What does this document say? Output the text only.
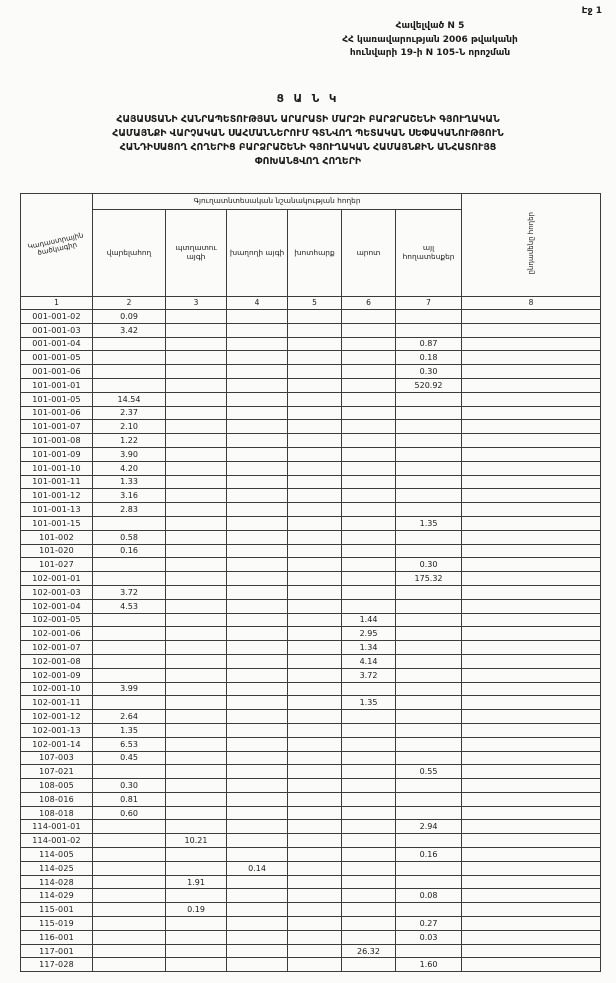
Էջ 1
Հավելված N 5
ՀՀ կառավարության 2006 թվականի
հունվարի 19-ի N 105-Ն որոշման
Ց Ա Ն Կ
ՀԱՅԱՍՏԱՆԻ ՀԱՆՐԱՊԵՏՈՒԹՅԱՆ ԱՐԱՐԱՏԻ ՄԱՐԶԻ ԲԱՐՁՐԱՇԵՆԻ ԳՅՈՒՂԱԿԱՆ
ՀԱՄԱՅՆՔԻ ՎԱՐՉԱԿԱՆ ՍԱՀՄԱՆՆԵՐՈՒՄ ԳՏՆՎՈՂ ՊԵՏԱԿԱՆ ՍԵՓԱԿԱՆՈՒԹՅՈՒՆ
ՀԱՆԴԻՍԱՑՈՂ ՀՈՂԵՐԻՑ ԲԱՐՁՐԱՇԵՆԻ ԳՅՈՒՂԱԿԱՆ ՀԱՄԱՅՆՔԻՆ ԱՆՀԱՏՈՒՅՑ
ՓՈԽԱՆՑՎՈՂ ՀՈՂԵՐԻ
Կադաստրային ծածկագիր	Գյուղատնտեսական նշանակության հողեր						ընդամենը հողեր
	վարելահող	պտղատու այգի	խաղողի այգի	խոտհարք	արոտ	այլ հողատեսքեր	
1	2	3	4	5	6	7	8
001-001-02	0.09						
001-001-03	3.42						
001-001-04						0.87	
001-001-05						0.18	
001-001-06						0.30	
101-001-01						520.92	
101-001-05	14.54						
101-001-06	2.37						
101-001-07	2.10						
101-001-08	1.22						
101-001-09	3.90						
101-001-10	4.20						
101-001-11	1.33						
101-001-12	3.16						
101-001-13	2.83						
101-001-15						1.35	
101-002	0.58						
101-020	0.16						
101-027						0.30	
102-001-01						175.32	
102-001-03	3.72						
102-001-04	4.53						
102-001-05					1.44		
102-001-06					2.95		
102-001-07					1.34		
102-001-08					4.14		
102-001-09					3.72		
102-001-10	3.99						
102-001-11					1.35		
102-001-12	2.64						
102-001-13	1.35						
102-001-14	6.53						
107-003	0.45						
107-021						0.55	
108-005	0.30						
108-016	0.81						
108-018	0.60						
114-001-01						2.94	
114-001-02		10.21					
114-005						0.16	
114-025			0.14				
114-028		1.91					
114-029						0.08	
115-001		0.19					
115-019						0.27	
116-001						0.03	
117-001					26.32		
117-028						1.60	
